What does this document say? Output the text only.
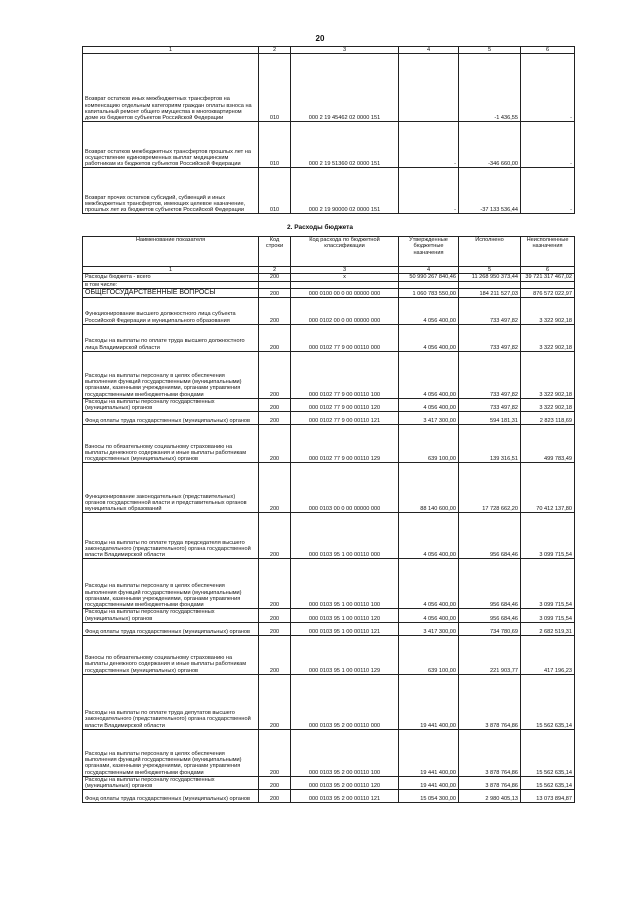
20
1	2	3	4	5	6
Возврат остатков иных межбюджетных трансфертов на компенсацию отдельным категориям граждан оплаты взноса на капитальный ремонт общего имущества в многоквартирном доме из бюджетов субъектов Российской Федерации	010	000 2 19 45462 02 0000 151		-1 436,55	-
Возврат остатков межбюджетных трансфертов прошлых лет на осуществление единовременных выплат медицинским работникам из бюджетов субъектов Российской Федерации	010	000 2 19 51360 02 0000 151	-	-346 660,00	-
Возврат прочих остатков субсидий, субвенций и иных межбюджетных трансфертов, имеющих целевое назначение, прошлых лет из бюджетов субъектов Российской Федерации	010	000 2 19 90000 02 0000 151	-	-37 133 536,44	-
2. Расходы бюджета
Наименование показателя	Код строки	Код расхода по бюджетной классификации	Утвержденные бюджетные назначения	Исполнено	Неисполненные назначения
1	2	3	4	5	6
Расходы бюджета - всего	200	x	50 990 267 840,46	11 268 950 373,44	39 721 317 467,02
в том числе:					
ОБЩЕГОСУДАРСТВЕННЫЕ ВОПРОСЫ	200	000 0100 00 0 00 00000 000	1 060 783 550,00	184 211 527,03	876 572 022,97
Функционирование высшего должностного лица субъекта Российской Федерации и муниципального образования	200	000 0102 00 0 00 00000 000	4 056 400,00	733 497,82	3 322 902,18
Расходы на выплаты по оплате труда высшего должностного лица Владимирской области	200	000 0102 77 9 00 00110 000	4 056 400,00	733 497,82	3 322 902,18
Расходы на выплаты персоналу в целях обеспечения выполнения функций государственными (муниципальными) органами, казенными учреждениями, органами управления государственными внебюджетными фондами	200	000 0102 77 9 00 00110 100	4 056 400,00	733 497,82	3 322 902,18
Расходы на выплаты персоналу государственных (муниципальных) органов	200	000 0102 77 9 00 00110 120	4 056 400,00	733 497,82	3 322 902,18
Фонд оплаты труда государственных (муниципальных) органов	200	000 0102 77 9 00 00110 121	3 417 300,00	594 181,31	2 823 118,69
Взносы по обязательному социальному страхованию на выплаты денежного содержания и иные выплаты работникам государственных (муниципальных) органов	200	000 0102 77 9 00 00110 129	639 100,00	139 316,51	499 783,49
Функционирование законодательных (представительных) органов государственной власти и представительных органов муниципальных образований	200	000 0103 00 0 00 00000 000	88 140 600,00	17 728 662,20	70 412 137,80
Расходы на выплаты по оплате труда председателя высшего законодательного (представительного) органа государственной власти Владимирской области	200	000 0103 95 1 00 00110 000	4 056 400,00	956 684,46	3 099 715,54
Расходы на выплаты персоналу в целях обеспечения выполнения функций государственными (муниципальными) органами, казенными учреждениями, органами управления государственными внебюджетными фондами	200	000 0103 95 1 00 00110 100	4 056 400,00	956 684,46	3 099 715,54
Расходы на выплаты персоналу государственных (муниципальных) органов	200	000 0103 95 1 00 00110 120	4 056 400,00	956 684,46	3 099 715,54
Фонд оплаты труда государственных (муниципальных) органов	200	000 0103 95 1 00 00110 121	3 417 300,00	734 780,69	2 682 519,31
Взносы по обязательному социальному страхованию на выплаты денежного содержания и иные выплаты работникам государственных (муниципальных) органов	200	000 0103 95 1 00 00110 129	639 100,00	221 903,77	417 196,23
Расходы на выплаты по оплате труда депутатов высшего законодательного (представительного) органа государственной власти Владимирской области	200	000 0103 95 2 00 00110 000	19 441 400,00	3 878 764,86	15 562 635,14
Расходы на выплаты персоналу в целях обеспечения выполнения функций государственными (муниципальными) органами, казенными учреждениями, органами управления государственными внебюджетными фондами	200	000 0103 95 2 00 00110 100	19 441 400,00	3 878 764,86	15 562 635,14
Расходы на выплаты персоналу государственных (муниципальных) органов	200	000 0103 95 2 00 00110 120	19 441 400,00	3 878 764,86	15 562 635,14
Фонд оплаты труда государственных (муниципальных) органов	200	000 0103 95 2 00 00110 121	15 054 300,00	2 980 405,13	13 073 894,87
